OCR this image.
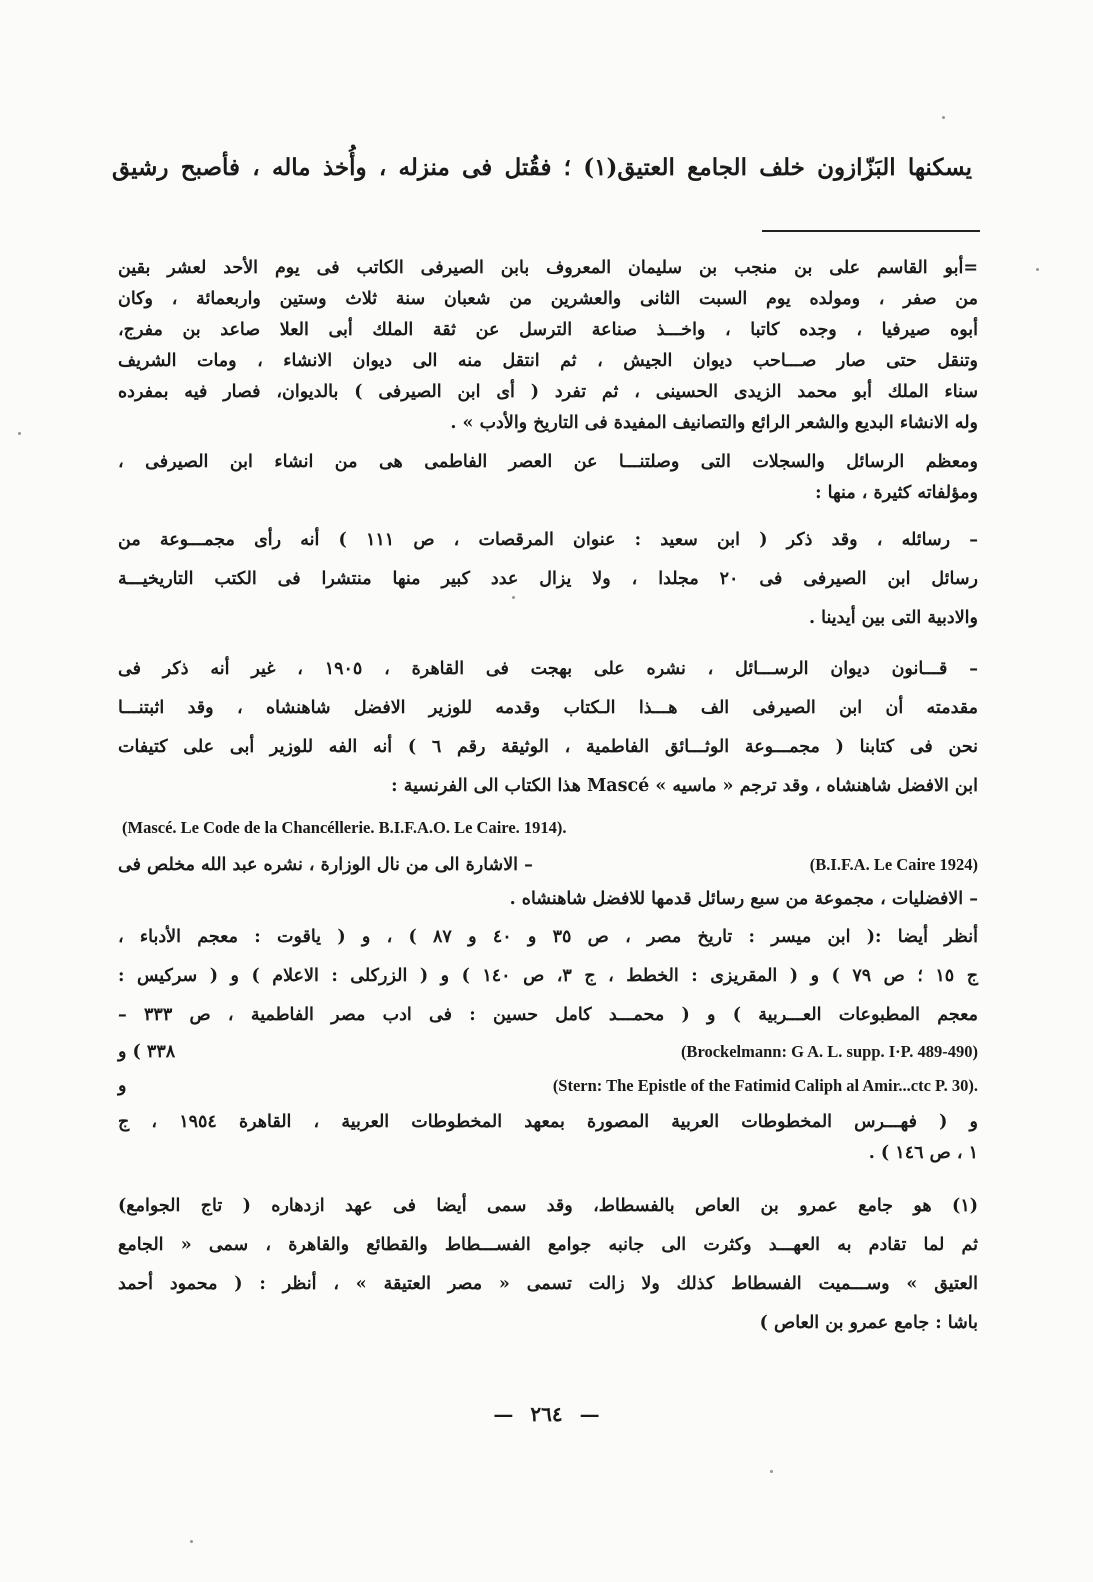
يسكنها البَزّازون خلف الجامع العتيق(١) ؛ فقُتل فى منزله ، وأُخذ ماله ، فأصبح رشيق

=أبو القاسم على بن منجب بن سليمان المعروف بابن الصيرفى الكاتب فى يوم الأحد لعشر بقين

من صفر ، ومولده يوم السبت الثانى والعشرين من شعبان سنة ثلاث وستين واربعمائة ، وكان

أبوه صيرفيا ، وجده كاتبا ، واخـــذ صناعة الترسل عن ثقة الملك أبى العلا صاعد بن مفرج،

وتنقل حتى صار صـــاحب ديوان الجيش ، ثم انتقل منه الى ديوان الانشاء ، ومات الشريف

سناء الملك أبو محمد الزيدى الحسينى ، ثم تفرد ( أى ابن الصيرفى ) بالديوان، فصار فيه بمفرده

وله الانشاء البديع والشعر الرائع والتصانيف المفيدة فى التاريخ والأدب » .

ومعظم الرسائل والسجلات التى وصلتنـــا عن العصر الفاطمى هى من انشاء ابن الصيرفى ،

ومؤلفاته كثيرة ، منها :

– رسائله ، وقد ذكر ( ابن سعيد : عنوان المرقصات ، ص ١١١ ) أنه رأى مجمـــوعة من

رسائل ابن الصيرفى فى ٢٠ مجلدا ، ولا يزال عدد كبير منها منتشرا فى الكتب التاريخيـــة

والادبية التى بين أيدينا .

– قـــانون ديوان الرســـائل ، نشره على بهجت فى القاهرة ، ١٩٠٥ ، غير أنه ذكر فى

مقدمته أن ابن الصيرفى الف هـــذا الـكتاب وقدمه للوزير الافضل شاهنشاه ، وقد اثبتنـــا

نحن فى كتابنا ( مجمـــوعة الوثـــائق الفاطمية ، الوثيقة رقم ٦ ) أنه الفه للوزير أبى على كتيفات

ابن الافضل شاهنشاه ، وقد ترجم « ماسيه » Mascé هذا الكتاب الى الفرنسية :

(Mascé. Le Code de la Chancéllerie. B.I.F.A.O. Le Caire. 1914).
– الاشارة الى من نال الوزارة ، نشره عبد الله مخلص فى	(B.I.F.A. Le Caire 1924)

– الافضليات ، مجموعة من سبع رسائل قدمها للافضل شاهنشاه .

أنظر أيضا :( ابن ميسر : تاريخ مصر ، ص ٣٥ و ٤٠ و ٨٧ ) ، و ( ياقوت : معجم الأدباء ،

ج ١٥ ؛ ص ٧٩ ) و ( المقريزى : الخطط ، ج ٣، ص ١٤٠ ) و ( الزركلى : الاعلام ) و ( سركيس :

معجم المطبوعات العـــربية ) و ( محمـــد كامل حسين : فى ادب مصر الفاطمية ، ص ٣٣٣ –

٣٣٨ ) و	(Brockelmann: G A. L. supp. I·P. 489-490)
و	(Stern: The Epistle of the Fatimid Caliph al Amir...ctc P. 30).

و ( فهـــرس المخطوطات العربية المصورة بمعهد المخطوطات العربية ، القاهرة ١٩٥٤ ، ج

١ ، ص ١٤٦ ) .

(١) هو جامع عمرو بن العاص بالفسطاط، وقد سمى أيضا فى عهد ازدهاره ( تاج الجوامع)

ثم لما تقادم به العهـــد وكثرت الى جانبه جوامع الفســـطاط والقطائع والقاهرة ، سمى « الجامع

العتيق » وســـميت الفسطاط كذلك ولا زالت تسمى « مصر العتيقة » ، أنظر : ( محمود أحمد

باشا : جامع عمرو بن العاص )

— ٢٦٤ —
